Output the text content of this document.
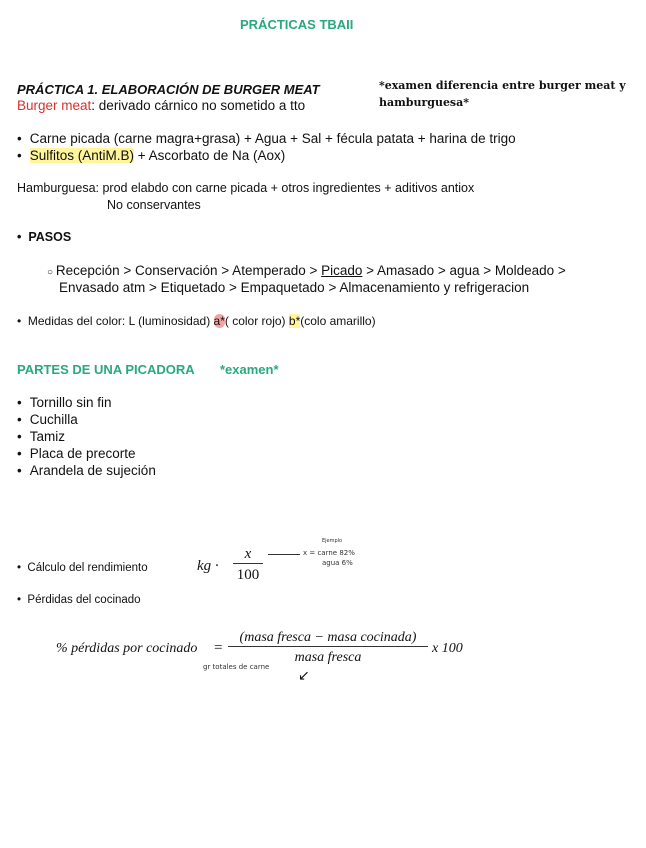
PRÁCTICAS TBAII
PRÁCTICA 1. ELABORACIÓN DE BURGER MEAT	*examen diferencia entre burger meat y
hamburguesa*
Burger meat: derivado cárnico no sometido a tto
• Carne picada (carne magra+grasa) + Agua + Sal + fécula patata + harina de trigo
• Sulfitos (AntiM.B) + Ascorbato de Na (Aox)
Hamburguesa: prod elabdo con carne picada + otros ingredientes + aditivos antiox
No conservantes
•  PASOS
○ Recepción > Conservación > Atemperado > Picado > Amasado > agua > Moldeado >
Envasado atm > Etiquetado > Empaquetado > Almacenamiento y refrigeracion
•  Medidas del color: L (luminosidad) a*( color rojo) b*(colo amarillo)
PARTES DE UNA PICADORA *examen*
• Tornillo sin fin
• Cuchilla
• Tamiz
• Placa de precorte
• Arandela de sujeción
•  Cálculo del rendimiento	kg ·
x
100
Ejemplo
x = carne 82%
agua 6%
•  Pérdidas del cocinado
% pérdidas por cocinado =
(masa fresca − masa cocinada)
masa fresca
x 100
gr totales de carne ↙
